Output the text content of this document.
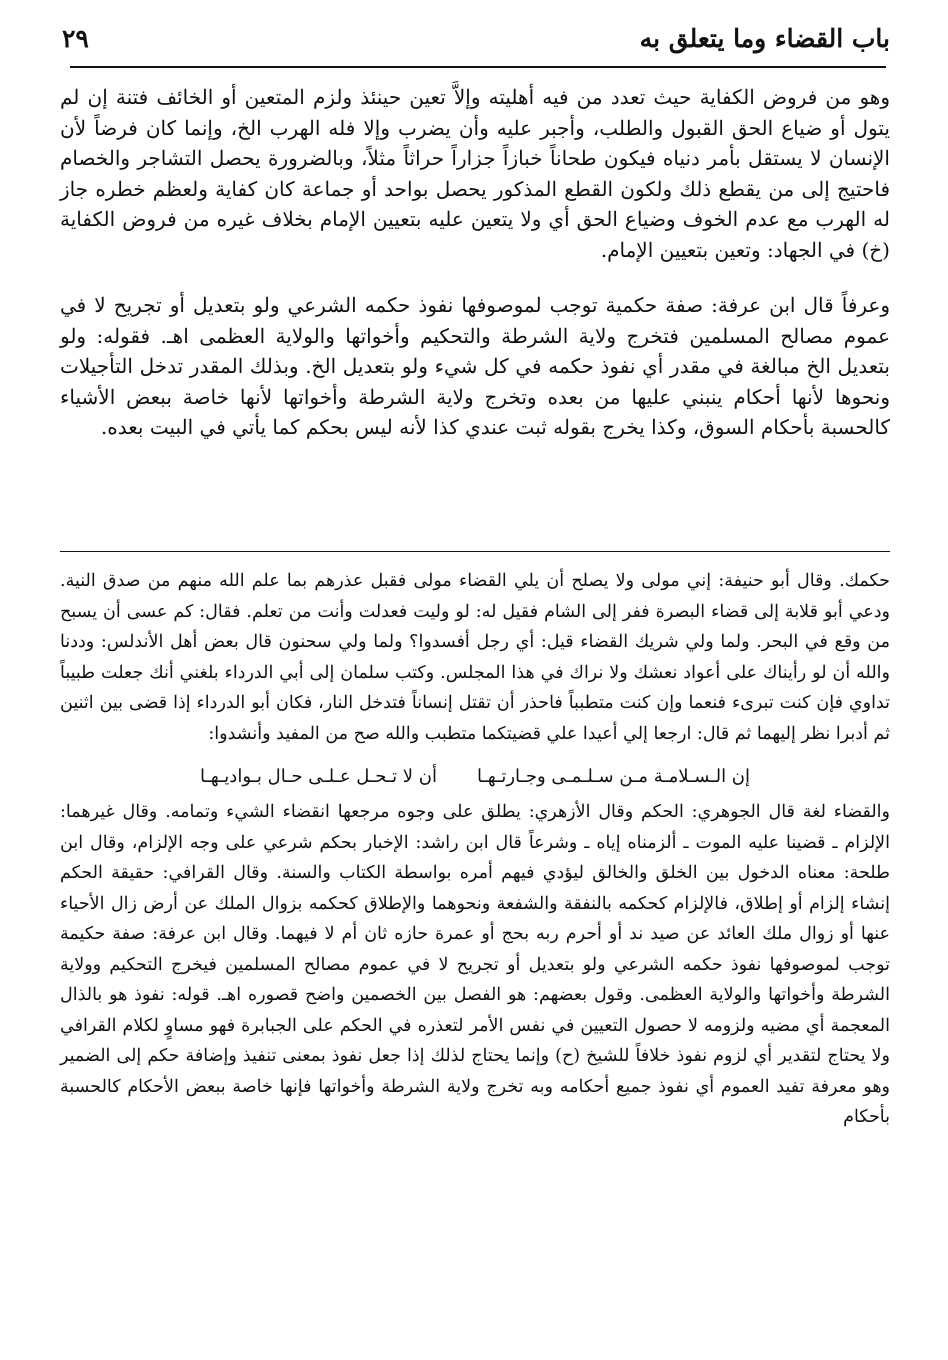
باب القضاء وما يتعلق به
٢٩

وهو من فروض الكفاية حيث تعدد من فيه أهليته وإلاَّ تعين حينئذ ولزم المتعين أو الخائف فتنة إن لم يتول أو ضياع الحق القبول والطلب، وأجبر عليه وأن يضرب وإلا فله الهرب الخ، وإنما كان فرضاً لأن الإنسان لا يستقل بأمر دنياه فيكون طحاناً خبازاً جزاراً حراثاً مثلاً، وبالضرورة يحصل التشاجر والخصام فاحتيج إلى من يقطع ذلك ولكون القطع المذكور يحصل بواحد أو جماعة كان كفاية ولعظم خطره جاز له الهرب مع عدم الخوف وضياع الحق أي ولا يتعين عليه بتعيين الإمام بخلاف غيره من فروض الكفاية (خ) في الجهاد: وتعين بتعيين الإمام.

وعرفاً قال ابن عرفة: صفة حكمية توجب لموصوفها نفوذ حكمه الشرعي ولو بتعديل أو تجريح لا في عموم مصالح المسلمين فتخرج ولاية الشرطة والتحكيم وأخواتها والولاية العظمى اهـ. فقوله: ولو بتعديل الخ مبالغة في مقدر أي نفوذ حكمه في كل شيء ولو بتعديل الخ. وبذلك المقدر تدخل التأجيلات ونحوها لأنها أحكام ينبني عليها من بعده وتخرج ولاية الشرطة وأخواتها لأنها خاصة ببعض الأشياء كالحسبة بأحكام السوق، وكذا يخرج بقوله ثبت عندي كذا لأنه ليس بحكم كما يأتي في البيت بعده.

حكمك. وقال أبو حنيفة: إني مولى ولا يصلح أن يلي القضاء مولى فقبل عذرهم بما علم الله منهم من صدق النية. ودعي أبو قلابة إلى قضاء البصرة ففر إلى الشام فقيل له: لو وليت فعدلت وأنت من تعلم. فقال: كم عسى أن يسبح من وقع في البحر. ولما ولي شريك القضاء قيل: أي رجل أفسدوا؟ ولما ولي سحنون قال بعض أهل الأندلس: وددنا والله أن لو رأيناك على أعواد نعشك ولا نراك في هذا المجلس. وكتب سلمان إلى أبي الدرداء بلغني أنك جعلت طبيباً تداوي فإن كنت تبرىء فنعما وإن كنت متطبباً فاحذر أن تقتل إنساناً فتدخل النار، فكان أبو الدرداء إذا قضى بين اثنين ثم أدبرا نظر إليهما ثم قال: ارجعا إلي أعيدا علي قضيتكما متطبب والله صح من المفيد وأنشدوا:

إن الـسـلامـة مـن سـلـمـى وجـارتـهـا
أن لا تـحـل عـلـى حـال بـواديـهـا

والقضاء لغة قال الجوهري: الحكم وقال الأزهري: يطلق على وجوه مرجعها انقضاء الشيء وتمامه. وقال غيرهما: الإلزام ـ قضينا عليه الموت ـ ألزمناه إياه ـ وشرعاً قال ابن راشد: الإخبار بحكم شرعي على وجه الإلزام، وقال ابن طلحة: معناه الدخول بين الخلق والخالق ليؤدي فيهم أمره بواسطة الكتاب والسنة. وقال القرافي: حقيقة الحكم إنشاء إلزام أو إطلاق، فالإلزام كحكمه بالنفقة والشفعة ونحوهما والإطلاق كحكمه بزوال الملك عن أرض زال الأحياء عنها أو زوال ملك العائد عن صيد ند أو أحرم ربه بحج أو عمرة حازه ثان أم لا فيهما. وقال ابن عرفة: صفة حكيمة توجب لموصوفها نفوذ حكمه الشرعي ولو بتعديل أو تجريح لا في عموم مصالح المسلمين فيخرج التحكيم وولاية الشرطة وأخواتها والولاية العظمى. وقول بعضهم: هو الفصل بين الخصمين واضح قصوره اهـ. قوله: نفوذ هو بالذال المعجمة أي مضيه ولزومه لا حصول التعيين في نفس الأمر لتعذره في الحكم على الجبابرة فهو مساوٍ لكلام القرافي ولا يحتاج لتقدير أي لزوم نفوذ خلافاً للشيخ (ح) وإنما يحتاج لذلك إذا جعل نفوذ بمعنى تنفيذ وإضافة حكم إلى الضمير وهو معرفة تفيد العموم أي نفوذ جميع أحكامه وبه تخرج ولاية الشرطة وأخواتها فإنها خاصة ببعض الأحكام كالحسبة بأحكام
